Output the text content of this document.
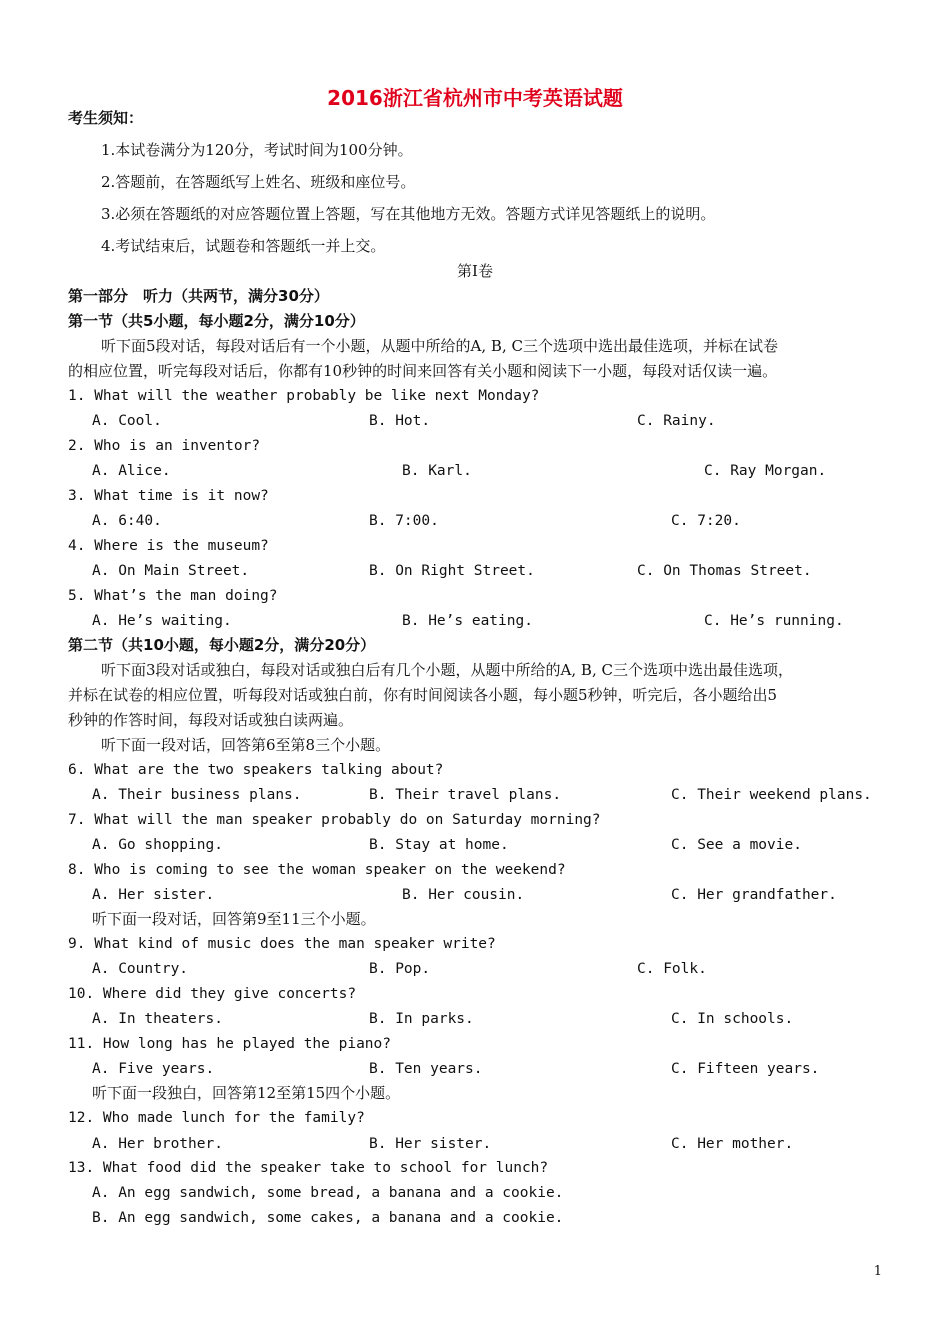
2016浙江省杭州市中考英语试题
考生须知：
1.本试卷满分为120分，考试时间为100分钟。
2.答题前，在答题纸写上姓名、班级和座位号。
3.必须在答题纸的对应答题位置上答题，写在其他地方无效。答题方式详见答题纸上的说明。
4.考试结束后，试题卷和答题纸一并上交。
第I卷
第一部分　听力（共两节，满分30分）
第一节（共5小题，每小题2分，满分10分）
听下面5段对话，每段对话后有一个小题，从题中所给的A, B, C三个选项中选出最佳选项，并标在试卷
的相应位置，听完每段对话后，你都有10秒钟的时间来回答有关小题和阅读下一小题，每段对话仅读一遍。
1. What will the weather probably be like next Monday?
A. Cool.	B. Hot.	C. Rainy.
2. Who is an inventor?
A. Alice.	B. Karl.	C. Ray Morgan.
3. What time is it now?
A. 6:40.	B. 7:00.	C. 7:20.
4. Where is the museum?
A. On Main Street.	B. On Right Street.	C. On Thomas Street.
5. What’s the man doing?
A. He’s waiting.	B. He’s eating.	C. He’s running.
第二节（共10小题，每小题2分，满分20分）
听下面3段对话或独白，每段对话或独白后有几个小题，从题中所给的A, B, C三个选项中选出最佳选项，
并标在试卷的相应位置，听每段对话或独白前，你有时间阅读各小题，每小题5秒钟，听完后，各小题给出5
秒钟的作答时间，每段对话或独白读两遍。
听下面一段对话，回答第6至第8三个小题。
6. What are the two speakers talking about?
A. Their business plans.	B. Their travel plans.	C. Their weekend plans.
7. What will the man speaker probably do on Saturday morning?
A. Go shopping.	B. Stay at home.	C. See a movie.
8. Who is coming to see the woman speaker on the weekend?
A. Her sister.	B. Her cousin.	C. Her grandfather.
听下面一段对话，回答第9至11三个小题。
9. What kind of music does the man speaker write?
A. Country.	B. Pop.	C. Folk.
10. Where did they give concerts?
A. In theaters.	B. In parks.	C. In schools.
11. How long has he played the piano?
A. Five years.	B. Ten years.	C. Fifteen years.
听下面一段独白，回答第12至第15四个小题。
12. Who made lunch for the family?
A. Her brother.	B. Her sister.	C. Her mother.
13. What food did the speaker take to school for lunch?
A. An egg sandwich, some bread, a banana and a cookie.
B. An egg sandwich, some cakes, a banana and a cookie.
1
